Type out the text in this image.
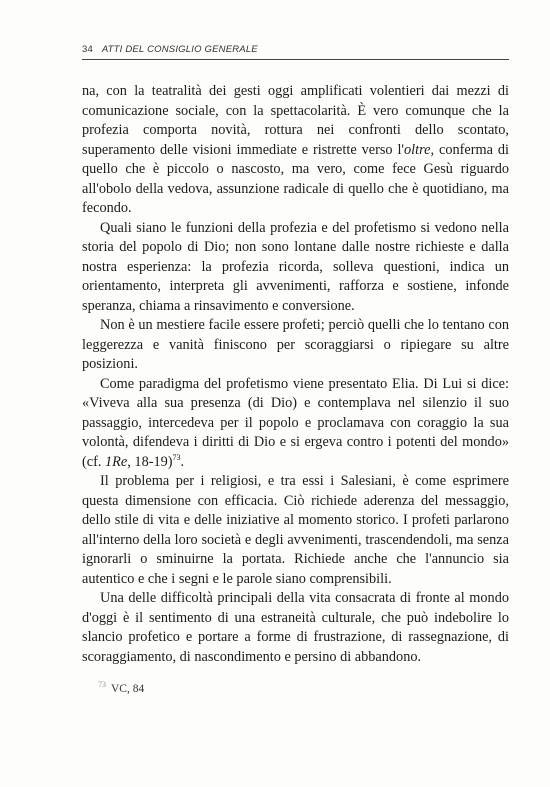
34 ATTI DEL CONSIGLIO GENERALE

na, con la teatralità dei gesti oggi amplificati volentieri dai mezzi di comunicazione sociale, con la spettacolarità. È vero comunque che la profezia comporta novità, rottura nei confronti dello scontato, superamento delle visioni immediate e ristrette verso l'oltre, conferma di quello che è piccolo o nascosto, ma vero, come fece Gesù riguardo all'obolo della vedova, assunzione radicale di quello che è quotidiano, ma fecondo.

Quali siano le funzioni della profezia e del profetismo si vedono nella storia del popolo di Dio; non sono lontane dalle nostre richieste e dalla nostra esperienza: la profezia ricorda, solleva questioni, indica un orientamento, interpreta gli avvenimenti, rafforza e sostiene, infonde speranza, chiama a rinsavimento e conversione.

Non è un mestiere facile essere profeti; perciò quelli che lo tentano con leggerezza e vanità finiscono per scoraggiarsi o ripiegare su altre posizioni.

Come paradigma del profetismo viene presentato Elia. Di Lui si dice: «Viveva alla sua presenza (di Dio) e contemplava nel silenzio il suo passaggio, intercedeva per il popolo e proclamava con coraggio la sua volontà, difendeva i diritti di Dio e si ergeva contro i potenti del mondo» (cf. 1Re, 18-19)$^{73}$.

Il problema per i religiosi, e tra essi i Salesiani, è come esprimere questa dimensione con efficacia. Ciò richiede aderenza del messaggio, dello stile di vita e delle iniziative al momento storico. I profeti parlarono all'interno della loro società e degli avvenimenti, trascendendoli, ma senza ignorarli o sminuirne la portata. Richiede anche che l'annuncio sia autentico e che i segni e le parole siano comprensibili.

Una delle difficoltà principali della vita consacrata di fronte al mondo d'oggi è il sentimento di una estraneità culturale, che può indebolire lo slancio profetico e portare a forme di frustrazione, di rassegnazione, di scoraggiamento, di nascondimento e persino di abbandono.

$^{73}$ VC, 84
